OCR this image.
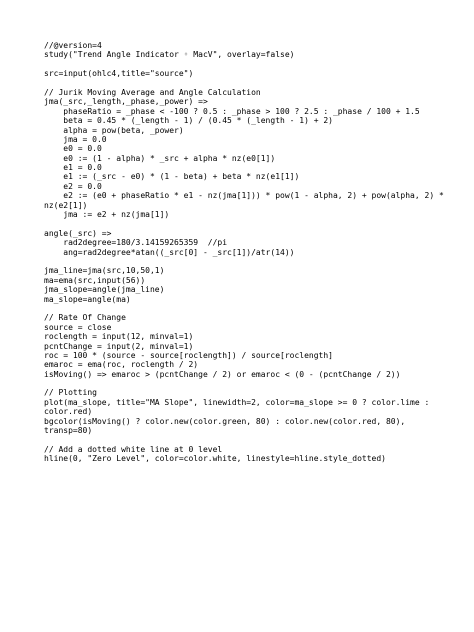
//@version=4
study("Trend Angle Indicator ◦ MacV", overlay=false)
src=input(ohlc4,title="source")
// Jurik Moving Average and Angle Calculation
jma(_src,_length,_phase,_power) =>
phaseRatio = _phase < -100 ? 0.5 : _phase > 100 ? 2.5 : _phase / 100 + 1.5
beta = 0.45 * (_length - 1) / (0.45 * (_length - 1) + 2)
alpha = pow(beta, _power)
jma = 0.0
e0 = 0.0
e0 := (1 - alpha) * _src + alpha * nz(e0[1])
e1 = 0.0
e1 := (_src - e0) * (1 - beta) + beta * nz(e1[1])
e2 = 0.0
e2 := (e0 + phaseRatio * e1 - nz(jma[1])) * pow(1 - alpha, 2) + pow(alpha, 2) *
nz(e2[1])
jma := e2 + nz(jma[1])
angle(_src) =>
rad2degree=180/3.14159265359  //pi
ang=rad2degree*atan((_src[0] - _src[1])/atr(14))
jma_line=jma(src,10,50,1)
ma=ema(src,input(56))
jma_slope=angle(jma_line)
ma_slope=angle(ma)
// Rate Of Change
source = close
roclength = input(12, minval=1)
pcntChange = input(2, minval=1)
roc = 100 * (source - source[roclength]) / source[roclength]
emaroc = ema(roc, roclength / 2)
isMoving() => emaroc > (pcntChange / 2) or emaroc < (0 - (pcntChange / 2))
// Plotting
plot(ma_slope, title="MA Slope", linewidth=2, color=ma_slope >= 0 ? color.lime :
color.red)
bgcolor(isMoving() ? color.new(color.green, 80) : color.new(color.red, 80),
transp=80)
// Add a dotted white line at 0 level
hline(0, "Zero Level", color=color.white, linestyle=hline.style_dotted)
